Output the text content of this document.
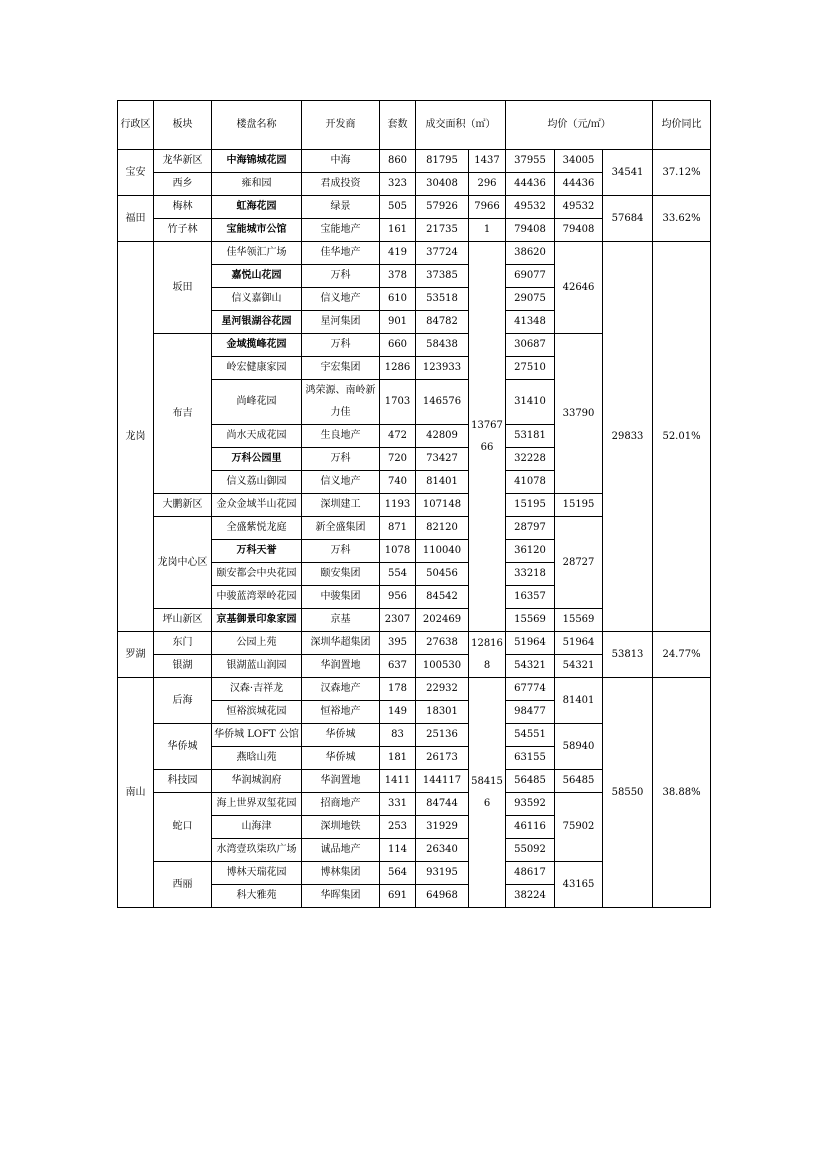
行政区	板块	楼盘名称	开发商	套数	成交面积（㎡）		均价（元/㎡）			均价同比
宝安	龙华新区	中海锦城花园	中海	860	81795	1437	37955	34005	34541	37.12%
	西乡	雍和园	君成投资	323	30408	296	44436	44436		
福田	梅林	虹海花园	绿景	505	57926	7966	49532	49532	57684	33.62%
	竹子林	宝能城市公馆	宝能地产	161	21735	1	79408	79408		
龙岗	坂田	佳华领汇广场	佳华地产	419	37724	1376766	38620	42646	29833	52.01%
		嘉悦山花园	万科	378	37385		69077			
		信义嘉御山	信义地产	610	53518		29075			
		星河银湖谷花园	星河集团	901	84782		41348			
	布吉	金域揽峰花园	万科	660	58438		30687	33790		
		岭宏健康家园	宇宏集团	1286	123933		27510			
		尚峰花园	鸿荣源、南岭新力佳	1703	146576		31410			
		尚水天成花园	生良地产	472	42809		53181			
		万科公园里	万科	720	73427		32228			
		信义荔山御园	信义地产	740	81401		41078			
	大鹏新区	金众金域半山花园	深圳建工	1193	107148		15195	15195		
	龙岗中心区	全盛紫悦龙庭	新全盛集团	871	82120		28797	28727		
		万科天誉	万科	1078	110040		36120			
		颐安都会中央花园	颐安集团	554	50456		33218			
		中骏蓝湾翠岭花园	中骏集团	956	84542		16357			
	坪山新区	京基御景印象家园	京基	2307	202469		15569	15569		
罗湖	东门	公园上苑	深圳华超集团	395	27638	128168	51964	51964	53813	24.77%
	银湖	银湖蓝山润园	华润置地	637	100530		54321	54321		
南山	后海	汉森·吉祥龙	汉森地产	178	22932	584156	67774	81401	58550	38.88%
		恒裕滨城花园	恒裕地产	149	18301		98477			
	华侨城	华侨城 LOFT 公馆	华侨城	83	25136		54551	58940		
		燕晗山苑	华侨城	181	26173		63155			
	科技园	华润城润府	华润置地	1411	144117		56485	56485		
	蛇口	海上世界双玺花园	招商地产	331	84744		93592	75902		
		山海津	深圳地铁	253	31929		46116			
		水湾壹玖柒玖广场	诚品地产	114	26340		55092			
	西丽	博林天瑞花园	博林集团	564	93195		48617	43165		
		科大雅苑	华晖集团	691	64968		38224			
